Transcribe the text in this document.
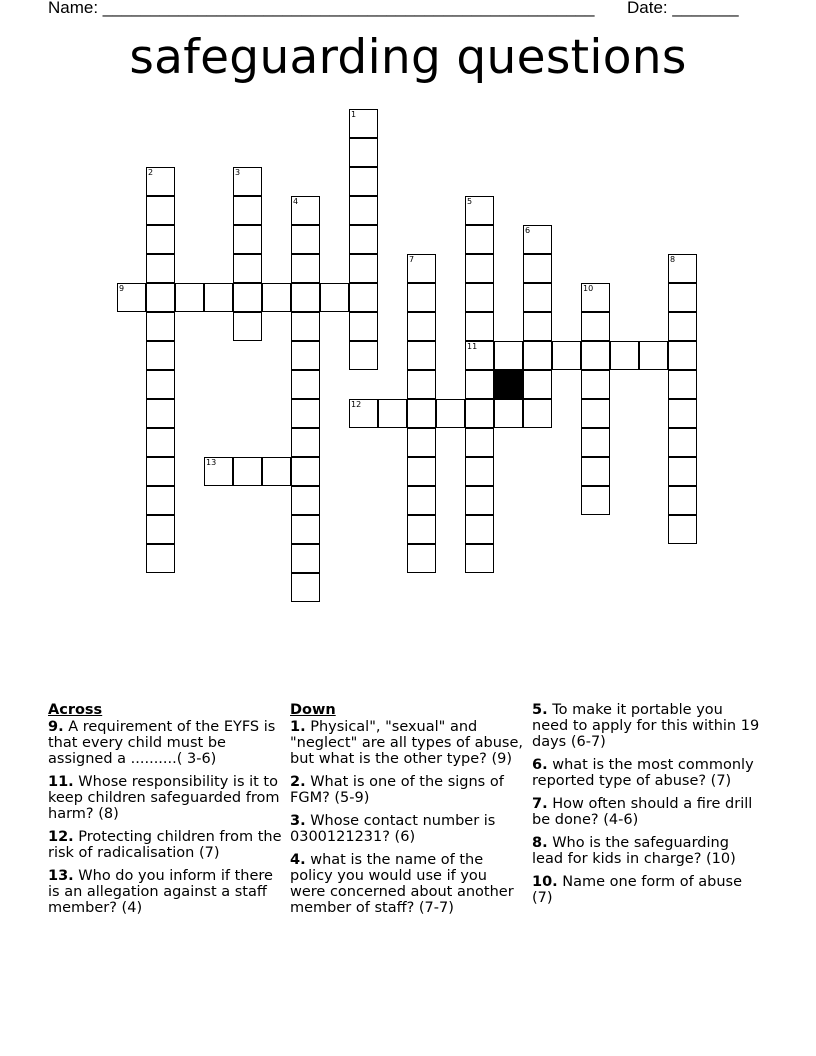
Name: ____________________________________________________ Date: _______
safeguarding questions
1
2	3
4	5
6
7	8
9	10
11
12
13
Across
9. A requirement of the EYFS is that every child must be assigned a ..........( 3-6)
11. Whose responsibility is it to keep children safeguarded from harm? (8)
12. Protecting children from the risk of radicalisation (7)
13. Who do you inform if there is an allegation against a staff member? (4)
Down
1. Physical", "sexual" and "neglect" are all types of abuse, but what is the other type? (9)
2. What is one of the signs of FGM? (5-9)
3. Whose contact number is 0300121231? (6)
4. what is the name of the policy you would use if you were concerned about another member of staff? (7-7)
5. To make it portable you need to apply for this within 19 days (6-7)
6. what is the most commonly reported type of abuse? (7)
7. How often should a fire drill be done? (4-6)
8. Who is the safeguarding lead for kids in charge? (10)
10. Name one form of abuse (7)
